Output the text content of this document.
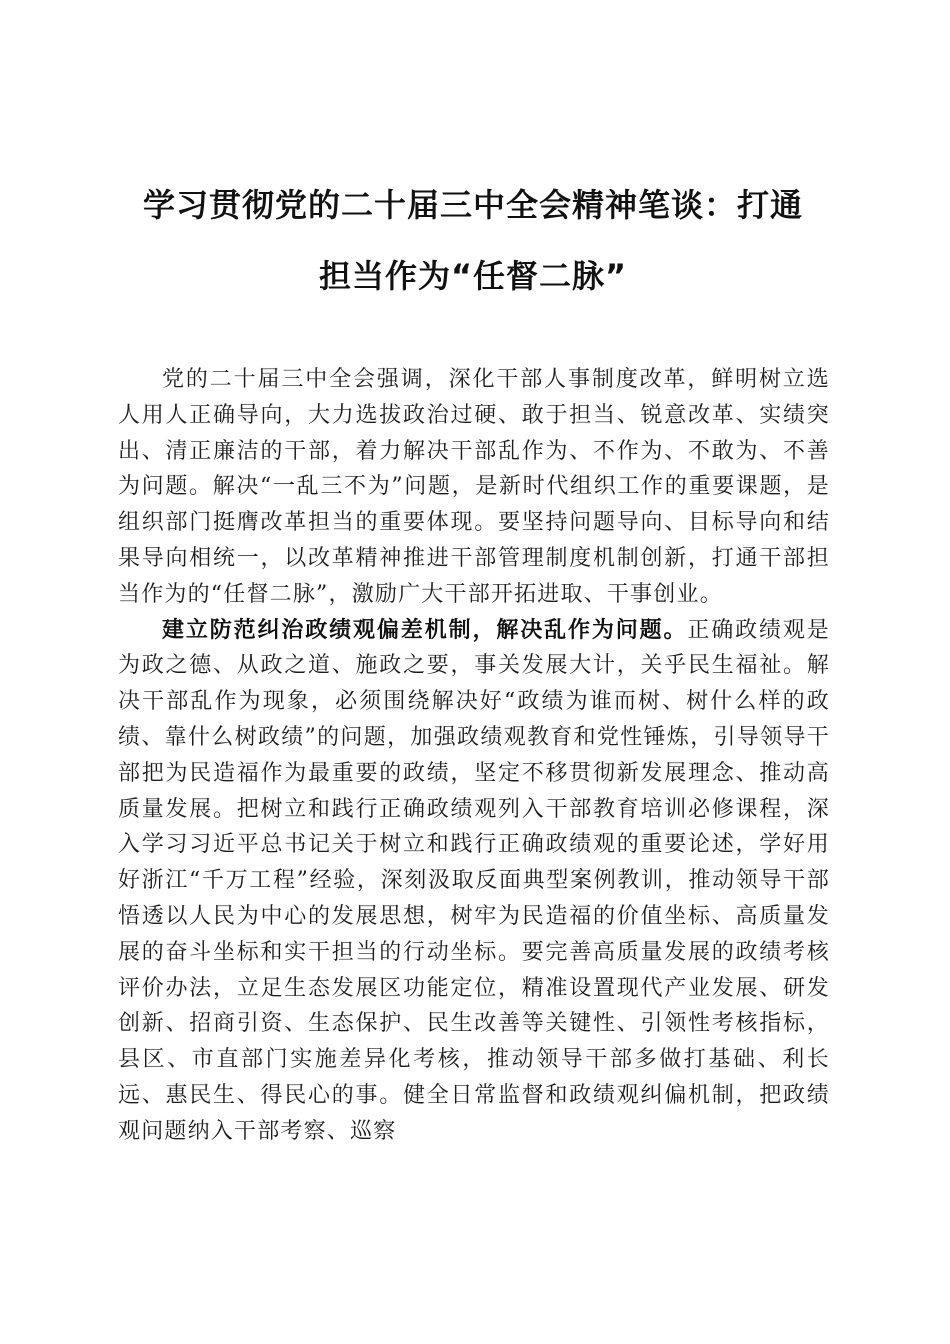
学习贯彻党的二十届三中全会精神笔谈：打通
担当作为“任督二脉”

党的二十届三中全会强调，深化干部人事制度改革，鲜明树立选人用人正确导向，大力选拔政治过硬、敢于担当、锐意改革、实绩突出、清正廉洁的干部，着力解决干部乱作为、不作为、不敢为、不善为问题。解决“一乱三不为”问题，是新时代组织工作的重要课题，是组织部门挺膺改革担当的重要体现。要坚持问题导向、目标导向和结果导向相统一，以改革精神推进干部管理制度机制创新，打通干部担当作为的“任督二脉”，激励广大干部开拓进取、干事创业。

建立防范纠治政绩观偏差机制，解决乱作为问题。正确政绩观是为政之德、从政之道、施政之要，事关发展大计，关乎民生福祉。解决干部乱作为现象，必须围绕解决好“政绩为谁而树、树什么样的政绩、靠什么树政绩”的问题，加强政绩观教育和党性锤炼，引导领导干部把为民造福作为最重要的政绩，坚定不移贯彻新发展理念、推动高质量发展。把树立和践行正确政绩观列入干部教育培训必修课程，深入学习习近平总书记关于树立和践行正确政绩观的重要论述，学好用好浙江“千万工程”经验，深刻汲取反面典型案例教训，推动领导干部悟透以人民为中心的发展思想，树牢为民造福的价值坐标、高质量发展的奋斗坐标和实干担当的行动坐标。要完善高质量发展的政绩考核评价办法，立足生态发展区功能定位，精准设置现代产业发展、研发创新、招商引资、生态保护、民生改善等关键性、引领性考核指标，县区、市直部门实施差异化考核，推动领导干部多做打基础、利长远、惠民生、得民心的事。健全日常监督和政绩观纠偏机制，把政绩观问题纳入干部考察、巡察
